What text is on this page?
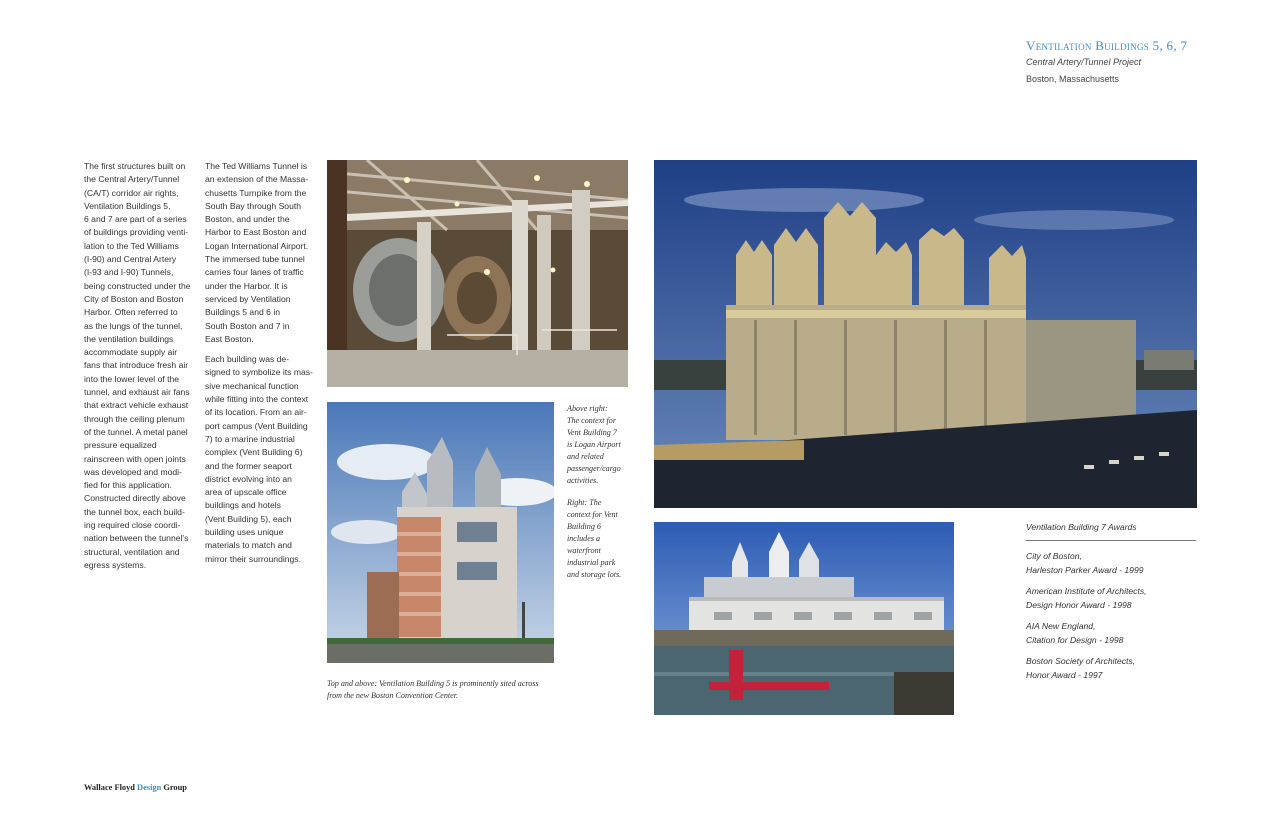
Ventilation Buildings 5, 6, 7
Central Artery/Tunnel Project
Boston, Massachusetts

The first structures built on
the Central Artery/Tunnel
(CA/T) corridor air rights,
Ventilation Buildings 5,
6 and 7 are part of a series
of buildings providing venti-
lation to the Ted Williams
(I-90) and Central Artery
(I-93 and I-90) Tunnels,
being constructed under the
City of Boston and Boston
Harbor. Often referred to
as the lungs of the tunnel,
the ventilation buildings
accommodate supply air
fans that introduce fresh air
into the lower level of the
tunnel, and exhaust air fans
that extract vehicle exhaust
through the ceiling plenum
of the tunnel. A metal panel
pressure equalized
rainscreen with open joints
was developed and modi-
fied for this application.
Constructed directly above
the tunnel box, each build-
ing required close coordi-
nation between the tunnel's
structural, ventilation and
egress systems.

The Ted Williams Tunnel is
an extension of the Massa-
chusetts Turnpike from the
South Bay through South
Boston, and under the
Harbor to East Boston and
Logan International Airport.
The immersed tube tunnel
carries four lanes of traffic
under the Harbor. It is
serviced by Ventilation
Buildings 5 and 6 in
South Boston and 7 in
East Boston.

Each building was de-
signed to symbolize its mas-
sive mechanical function
while fitting into the context
of its location. From an air-
port campus (Vent Building
7) to a marine industrial
complex (Vent Building 6)
and the former seaport
district evolving into an
area of upscale office
buildings and hotels
(Vent Building 5), each
building uses unique
materials to match and
mirror their surroundings.

Above right:
The context for
Vent Building 7
is Logan Airport
and related
passenger/cargo
activities.

Right: The
context for Vent
Building 6
includes a
waterfront
industrial park
and storage lots.

Top and above: Ventilation Building 5 is prominently sited across
from the new Boston Convention Center.
Ventilation Building 7 Awards
City of Boston,
Harleston Parker Award - 1999
American Institute of Architects,
Design Honor Award - 1998
AIA New England,
Citation for Design - 1998
Boston Society of Architects,
Honor Award - 1997
Wallace Floyd Design Group
